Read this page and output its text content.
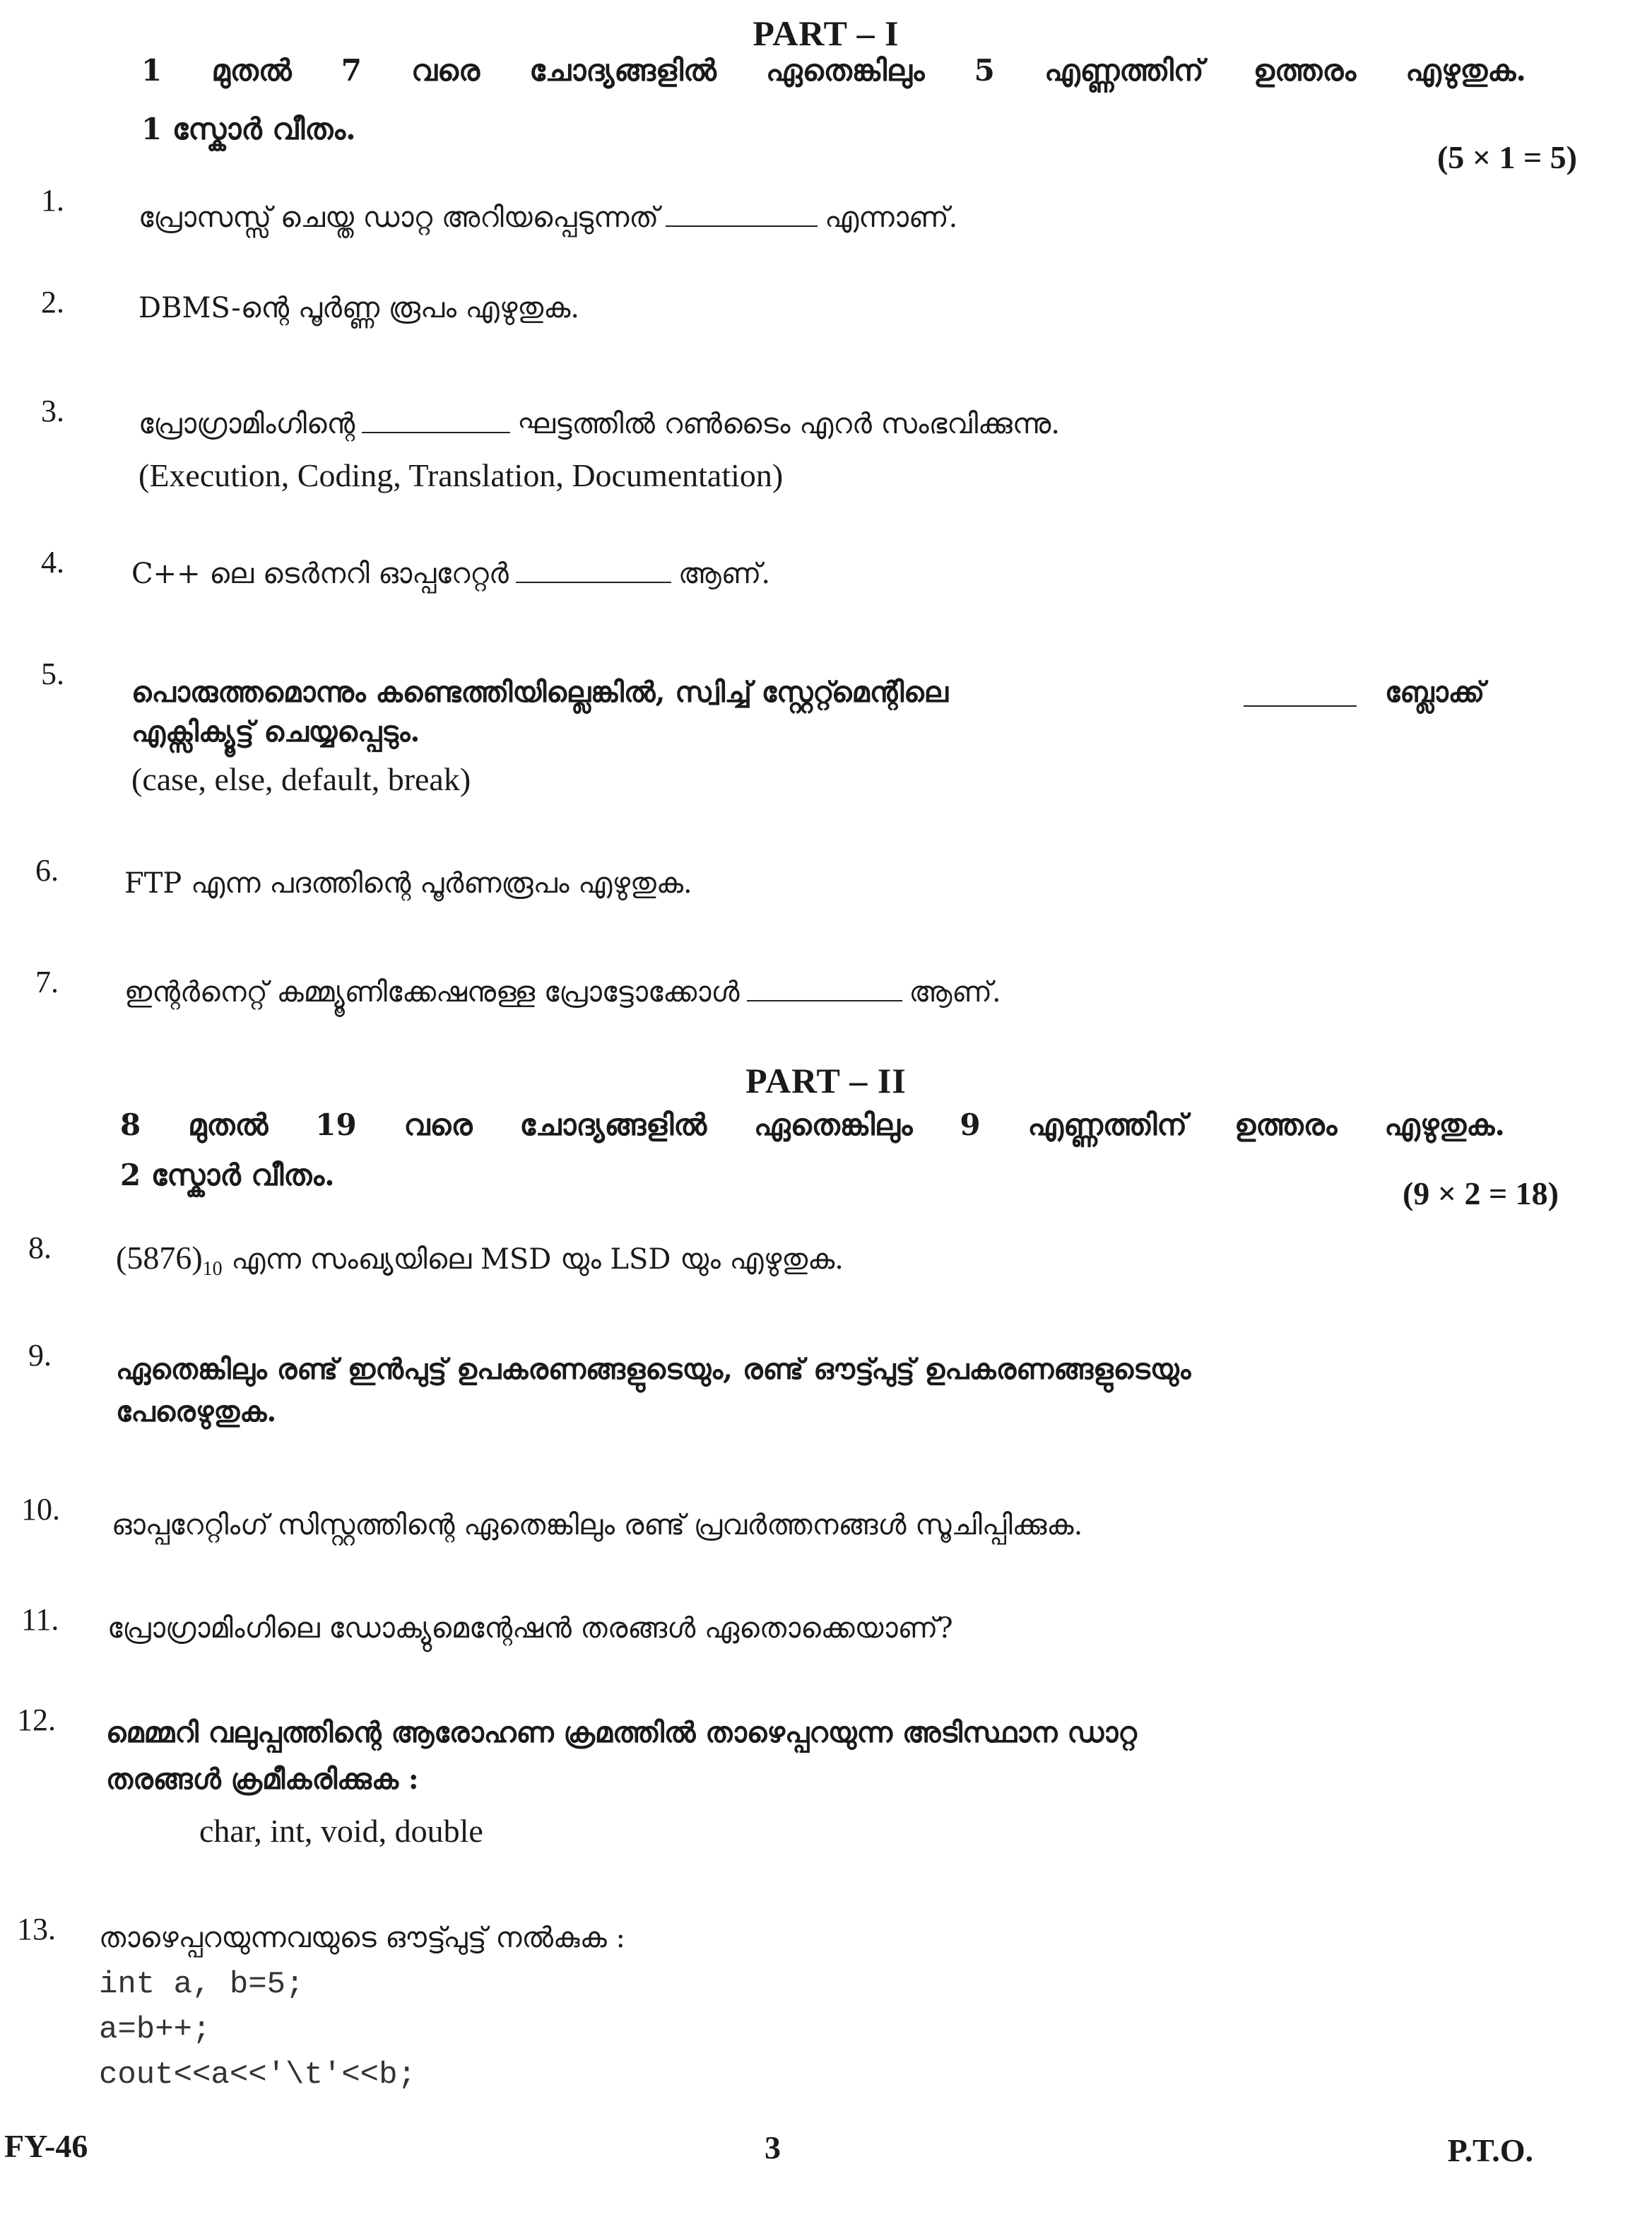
PART – I
1 മുതൽ 7 വരെ ചോദ്യങ്ങളിൽ ഏതെങ്കിലും 5 എണ്ണത്തിന് ഉത്തരം എഴുതുക.
1 സ്കോർ വീതം.
(5 × 1 = 5)
1.	പ്രോസസ്സ് ചെയ്ത ഡാറ്റ അറിയപ്പെടുന്നത്	എന്നാണ്.
2.	DBMS-ന്റെ പൂർണ്ണ രൂപം എഴുതുക.
3.	പ്രോഗ്രാമിംഗിന്റെ	ഘട്ടത്തിൽ റൺടൈം എറർ സംഭവിക്കുന്നു.
(Execution, Coding, Translation, Documentation)
4. C++ ലെ ടെർനറി ഓപ്പറേറ്റർ	ആണ്.
5.
പൊരുത്തമൊന്നും കണ്ടെത്തിയില്ലെങ്കിൽ, സ്വിച്ച് സ്റ്റേറ്റ്മെന്റിലെ	ബ്ലോക്ക്
എക്സിക്യൂട്ട് ചെയ്യപ്പെടും.
(case, else, default, break)
6. FTP എന്ന പദത്തിന്റെ പൂർണരൂപം എഴുതുക.
7. ഇന്റർനെറ്റ് കമ്മ്യൂണിക്കേഷനുള്ള പ്രോട്ടോക്കോൾ	ആണ്.
PART – II
8 മുതൽ 19 വരെ ചോദ്യങ്ങളിൽ ഏതെങ്കിലും 9 എണ്ണത്തിന് ഉത്തരം എഴുതുക.
2 സ്കോർ വീതം.
(9 × 2 = 18)
8. $(5876)_{10}$ എന്ന സംഖ്യയിലെ MSD യും LSD യും എഴുതുക.
9. ഏതെങ്കിലും രണ്ട് ഇൻപുട്ട് ഉപകരണങ്ങളുടെയും, രണ്ട് ഔട്ട്പുട്ട് ഉപകരണങ്ങളുടെയും
പേരെഴുതുക.
10. ഓപ്പറേറ്റിംഗ് സിസ്റ്റത്തിന്റെ ഏതെങ്കിലും രണ്ട് പ്രവർത്തനങ്ങൾ സൂചിപ്പിക്കുക.
11. പ്രോഗ്രാമിംഗിലെ ഡോക്യുമെന്റേഷൻ തരങ്ങൾ ഏതൊക്കെയാണ്?
12. മെമ്മറി വലുപ്പത്തിന്റെ ആരോഹണ ക്രമത്തിൽ താഴെപ്പറയുന്ന അടിസ്ഥാന ഡാറ്റ
തരങ്ങൾ ക്രമീകരിക്കുക :
char, int, void, double
13. താഴെപ്പറയുന്നവയുടെ ഔട്ട്പുട്ട് നൽകുക :
int a, b=5;
a=b++;
cout<<a<<'\t'<<b;
FY-46	3	P.T.O.
